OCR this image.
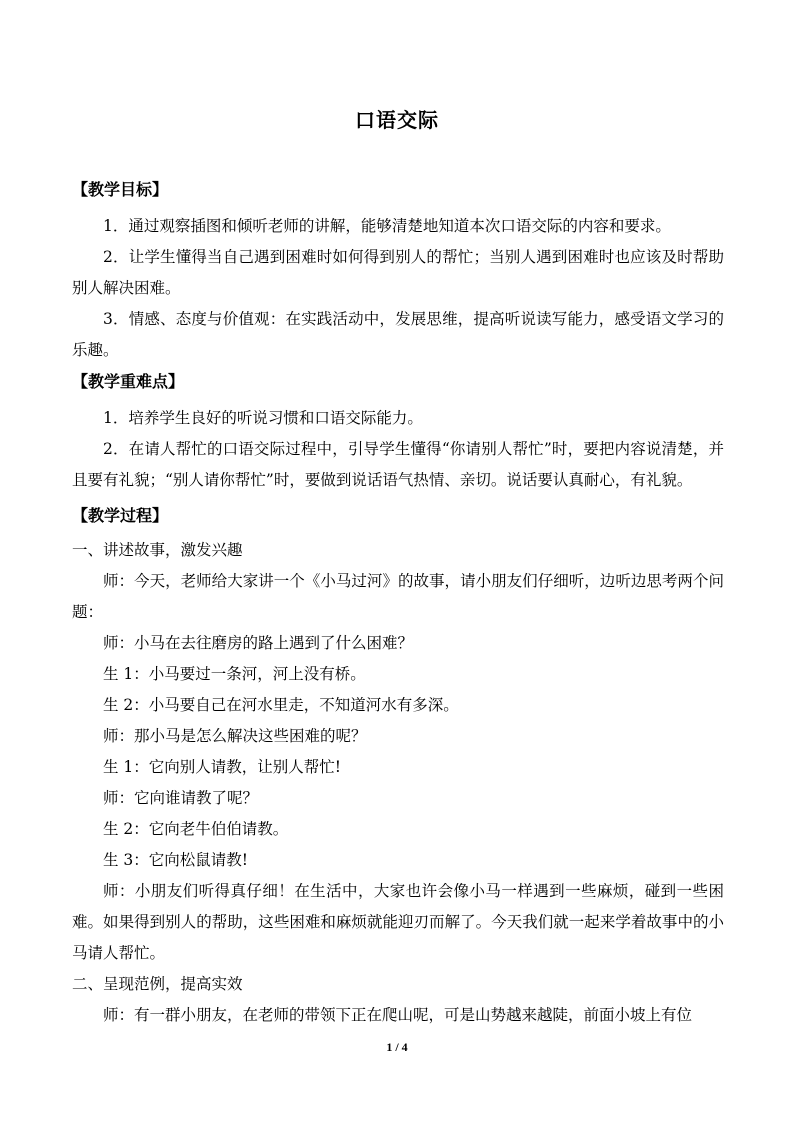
口语交际

【教学目标】

1．通过观察插图和倾听老师的讲解，能够清楚地知道本次口语交际的内容和要求。

2．让学生懂得当自己遇到困难时如何得到别人的帮忙；当别人遇到困难时也应该及时帮助别人解决困难。

3．情感、态度与价值观：在实践活动中，发展思维，提高听说读写能力，感受语文学习的乐趣。

【教学重难点】

1．培养学生良好的听说习惯和口语交际能力。

2．在请人帮忙的口语交际过程中，引导学生懂得“你请别人帮忙”时，要把内容说清楚，并且要有礼貌；“别人请你帮忙”时，要做到说话语气热情、亲切。说话要认真耐心，有礼貌。

【教学过程】

一、讲述故事，激发兴趣

师：今天，老师给大家讲一个《小马过河》的故事，请小朋友们仔细听，边听边思考两个问题：

师：小马在去往磨房的路上遇到了什么困难？

生 1：小马要过一条河，河上没有桥。

生 2：小马要自己在河水里走，不知道河水有多深。

师：那小马是怎么解决这些困难的呢？

生 1：它向别人请教，让别人帮忙!

师：它向谁请教了呢？

生 2：它向老牛伯伯请教。

生 3：它向松鼠请教!

师：小朋友们听得真仔细！在生活中，大家也许会像小马一样遇到一些麻烦，碰到一些困难。如果得到别人的帮助，这些困难和麻烦就能迎刃而解了。今天我们就一起来学着故事中的小马请人帮忙。

二、呈现范例，提高实效

师：有一群小朋友，在老师的带领下正在爬山呢，可是山势越来越陡，前面小坡上有位

1 / 4
